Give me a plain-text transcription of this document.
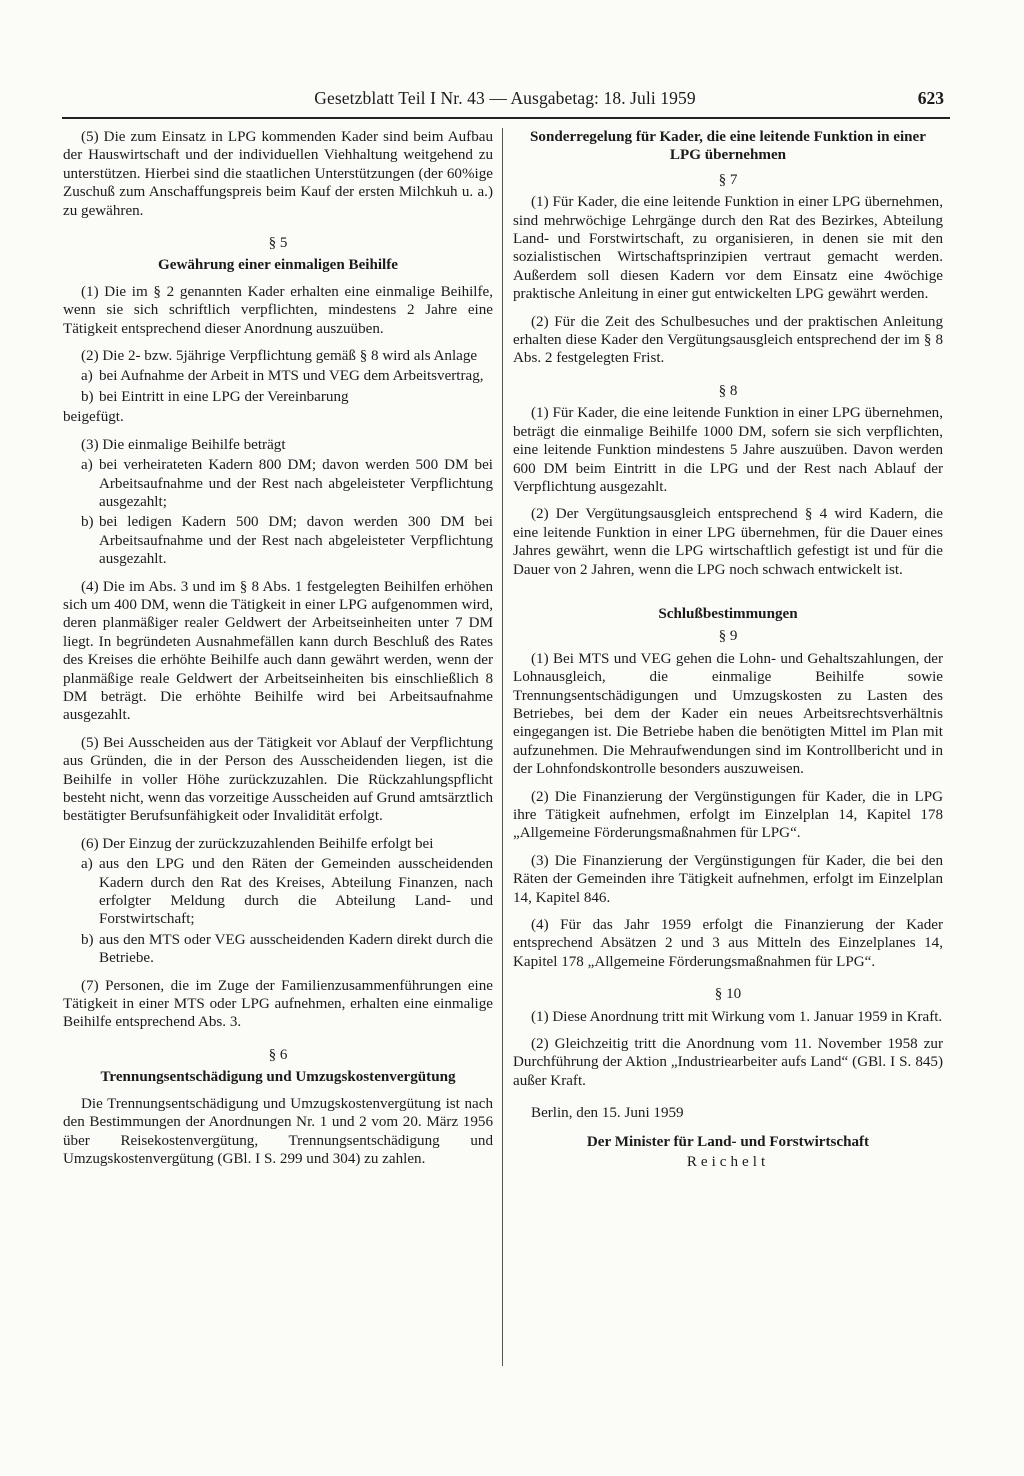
Gesetzblatt Teil I Nr. 43 — Ausgabetag: 18. Juli 1959	623

(5) Die zum Einsatz in LPG kommenden Kader sind beim Aufbau der Hauswirtschaft und der individuellen Viehhaltung weitgehend zu unterstützen. Hierbei sind die staatlichen Unterstützungen (der 60%ige Zuschuß zum Anschaffungspreis beim Kauf der ersten Milchkuh u. a.) zu gewähren.

§ 5
Gewährung einer einmaligen Beihilfe

(1) Die im § 2 genannten Kader erhalten eine einmalige Beihilfe, wenn sie sich schriftlich verpflichten, mindestens 2 Jahre eine Tätigkeit entsprechend dieser Anordnung auszuüben.

(2) Die 2- bzw. 5jährige Verpflichtung gemäß § 8 wird als Anlage

a) bei Aufnahme der Arbeit in MTS und VEG dem Arbeitsvertrag,
b) bei Eintritt in eine LPG der Vereinbarung

beigefügt.

(3) Die einmalige Beihilfe beträgt

a) bei verheirateten Kadern 800 DM; davon werden 500 DM bei Arbeitsaufnahme und der Rest nach abgeleisteter Verpflichtung ausgezahlt;
b) bei ledigen Kadern 500 DM; davon werden 300 DM bei Arbeitsaufnahme und der Rest nach abgeleisteter Verpflichtung ausgezahlt.

(4) Die im Abs. 3 und im § 8 Abs. 1 festgelegten Beihilfen erhöhen sich um 400 DM, wenn die Tätigkeit in einer LPG aufgenommen wird, deren planmäßiger realer Geldwert der Arbeitseinheiten unter 7 DM liegt. In begründeten Ausnahmefällen kann durch Beschluß des Rates des Kreises die erhöhte Beihilfe auch dann gewährt werden, wenn der planmäßige reale Geldwert der Arbeitseinheiten bis einschließlich 8 DM beträgt. Die erhöhte Beihilfe wird bei Arbeitsaufnahme ausgezahlt.

(5) Bei Ausscheiden aus der Tätigkeit vor Ablauf der Verpflichtung aus Gründen, die in der Person des Ausscheidenden liegen, ist die Beihilfe in voller Höhe zurückzuzahlen. Die Rückzahlungspflicht besteht nicht, wenn das vorzeitige Ausscheiden auf Grund amtsärztlich bestätigter Berufsunfähigkeit oder Invalidität erfolgt.

(6) Der Einzug der zurückzuzahlenden Beihilfe erfolgt bei

a) aus den LPG und den Räten der Gemeinden ausscheidenden Kadern durch den Rat des Kreises, Abteilung Finanzen, nach erfolgter Meldung durch die Abteilung Land- und Forstwirtschaft;
b) aus den MTS oder VEG ausscheidenden Kadern direkt durch die Betriebe.

(7) Personen, die im Zuge der Familienzusammenführungen eine Tätigkeit in einer MTS oder LPG aufnehmen, erhalten eine einmalige Beihilfe entsprechend Abs. 3.

§ 6
Trennungsentschädigung und Umzugskostenvergütung

Die Trennungsentschädigung und Umzugskostenvergütung ist nach den Bestimmungen der Anordnungen Nr. 1 und 2 vom 20. März 1956 über Reisekostenvergütung, Trennungsentschädigung und Umzugskostenvergütung (GBl. I S. 299 und 304) zu zahlen.

Sonderregelung für Kader, die eine leitende Funktion in einer LPG übernehmen
§ 7

(1) Für Kader, die eine leitende Funktion in einer LPG übernehmen, sind mehrwöchige Lehrgänge durch den Rat des Bezirkes, Abteilung Land- und Forstwirtschaft, zu organisieren, in denen sie mit den sozialistischen Wirtschaftsprinzipien vertraut gemacht werden. Außerdem soll diesen Kadern vor dem Einsatz eine 4wöchige praktische Anleitung in einer gut entwickelten LPG gewährt werden.

(2) Für die Zeit des Schulbesuches und der praktischen Anleitung erhalten diese Kader den Vergütungsausgleich entsprechend der im § 8 Abs. 2 festgelegten Frist.

§ 8

(1) Für Kader, die eine leitende Funktion in einer LPG übernehmen, beträgt die einmalige Beihilfe 1000 DM, sofern sie sich verpflichten, eine leitende Funktion mindestens 5 Jahre auszuüben. Davon werden 600 DM beim Eintritt in die LPG und der Rest nach Ablauf der Verpflichtung ausgezahlt.

(2) Der Vergütungsausgleich entsprechend § 4 wird Kadern, die eine leitende Funktion in einer LPG übernehmen, für die Dauer eines Jahres gewährt, wenn die LPG wirtschaftlich gefestigt ist und für die Dauer von 2 Jahren, wenn die LPG noch schwach entwickelt ist.

Schlußbestimmungen
§ 9

(1) Bei MTS und VEG gehen die Lohn- und Gehaltszahlungen, der Lohnausgleich, die einmalige Beihilfe sowie Trennungsentschädigungen und Umzugskosten zu Lasten des Betriebes, bei dem der Kader ein neues Arbeitsrechtsverhältnis eingegangen ist. Die Betriebe haben die benötigten Mittel im Plan mit aufzunehmen. Die Mehraufwendungen sind im Kontrollbericht und in der Lohnfondskontrolle besonders auszuweisen.

(2) Die Finanzierung der Vergünstigungen für Kader, die in LPG ihre Tätigkeit aufnehmen, erfolgt im Einzelplan 14, Kapitel 178 „Allgemeine Förderungsmaßnahmen für LPG“.

(3) Die Finanzierung der Vergünstigungen für Kader, die bei den Räten der Gemeinden ihre Tätigkeit aufnehmen, erfolgt im Einzelplan 14, Kapitel 846.

(4) Für das Jahr 1959 erfolgt die Finanzierung der Kader entsprechend Absätzen 2 und 3 aus Mitteln des Einzelplanes 14, Kapitel 178 „Allgemeine Förderungsmaßnahmen für LPG“.

§ 10

(1) Diese Anordnung tritt mit Wirkung vom 1. Januar 1959 in Kraft.

(2) Gleichzeitig tritt die Anordnung vom 11. November 1958 zur Durchführung der Aktion „Industriearbeiter aufs Land“ (GBl. I S. 845) außer Kraft.

Berlin, den 15. Juni 1959

Der Minister für Land- und Forstwirtschaft
Reichelt
